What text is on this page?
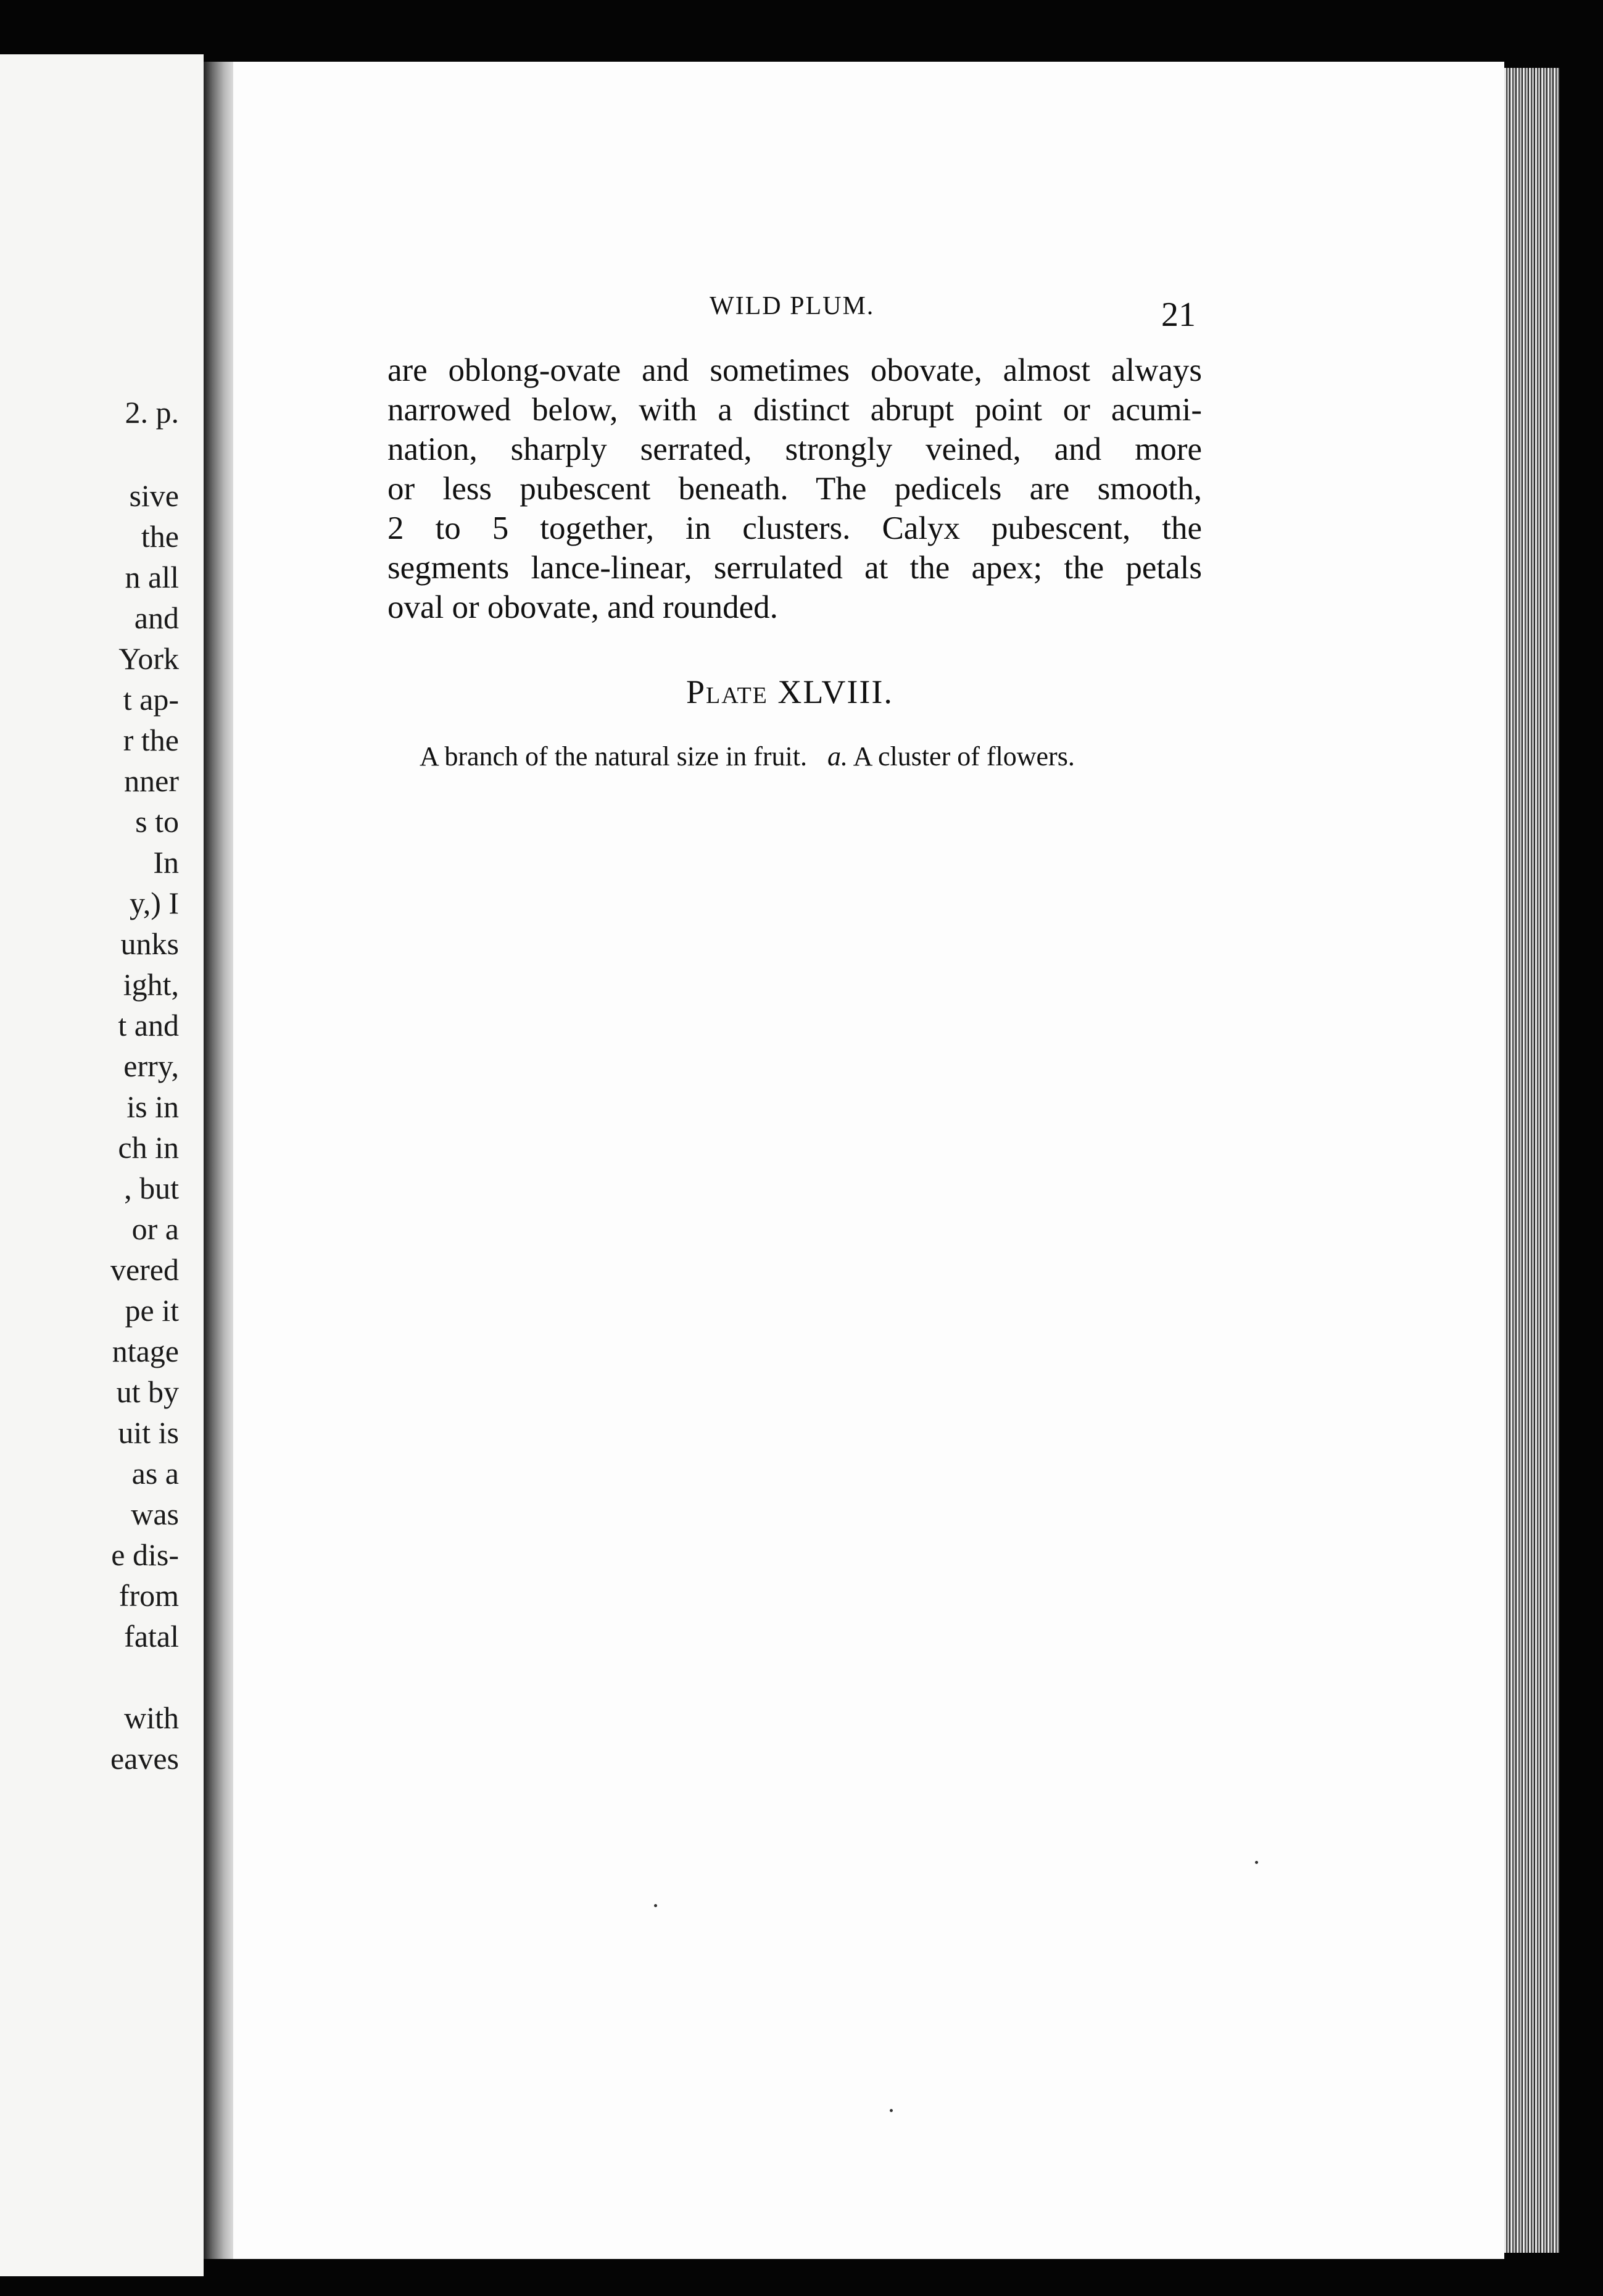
2. p.
sive
the
n all
and
York
t ap-
r the
nner
s to
In
y,) I
unks
ight,
t and
erry,
is in
ch in
, but
or a
vered
pe it
ntage
ut by
uit is
as a
was
e dis-
from
fatal
with
eaves
WILD PLUM.	21
are oblong-ovate and sometimes obovate, almost always
narrowed below, with a distinct abrupt point or acumi-
nation, sharply serrated, strongly veined, and more
or less pubescent beneath. The pedicels are smooth,
2 to 5 together, in clusters. Calyx pubescent, the
segments lance-linear, serrulated at the apex; the petals
oval or obovate, and rounded.
Plate XLVIII.
A branch of the natural size in fruit. a. A cluster of flowers.
